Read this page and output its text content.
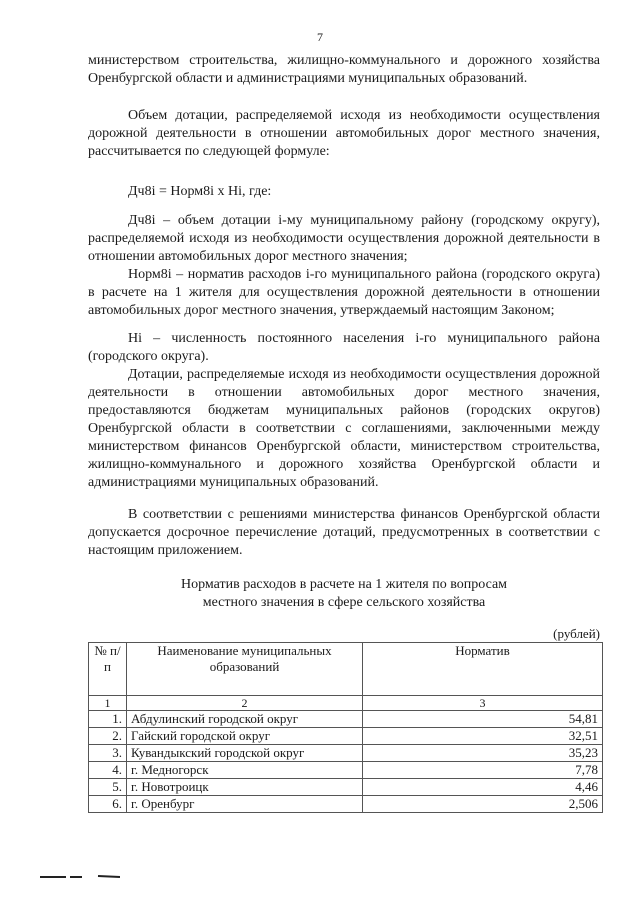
7

министерством строительства, жилищно-коммунального и дорожного хозяйства Оренбургской области и администрациями муниципальных образований.

Объем дотации, распределяемой исходя из необходимости осуществления дорожной деятельности в отношении автомобильных дорог местного значения, рассчитывается по следующей формуле:

Дч8i = Норм8i х Нi, где:

Дч8i – объем дотации i-му муниципальному району (городскому округу), распределяемой исходя из необходимости осуществления дорожной деятельности в отношении автомобильных дорог местного значения;

Норм8i – норматив расходов i-го муниципального района (городского округа) в расчете на 1 жителя для осуществления дорожной деятельности в отношении автомобильных дорог местного значения, утверждаемый настоящим Законом;

Нi – численность постоянного населения i-го муниципального района (городского округа).

Дотации, распределяемые исходя из необходимости осуществления дорожной деятельности в отношении автомобильных дорог местного значения, предоставляются бюджетам муниципальных районов (городских округов) Оренбургской области в соответствии с соглашениями, заключенными между министерством финансов Оренбургской области, министерством строительства, жилищно-коммунального и дорожного хозяйства Оренбургской области и администрациями муниципальных образований.

В соответствии с решениями министерства финансов Оренбургской области допускается досрочное перечисление дотаций, предусмотренных в соответствии с настоящим приложением.

Норматив расходов в расчете на 1 жителя по вопросам
местного значения в сфере сельского хозяйства
(рублей)
№ п/п	Наименование муниципальных образований	Норматив
1	2	3
1.	Абдулинский городской округ	54,81
2.	Гайский городской округ	32,51
3.	Кувандыкский городской округ	35,23
4.	г. Медногорск	7,78
5.	г. Новотроицк	4,46
6.	г. Оренбург	2,506
